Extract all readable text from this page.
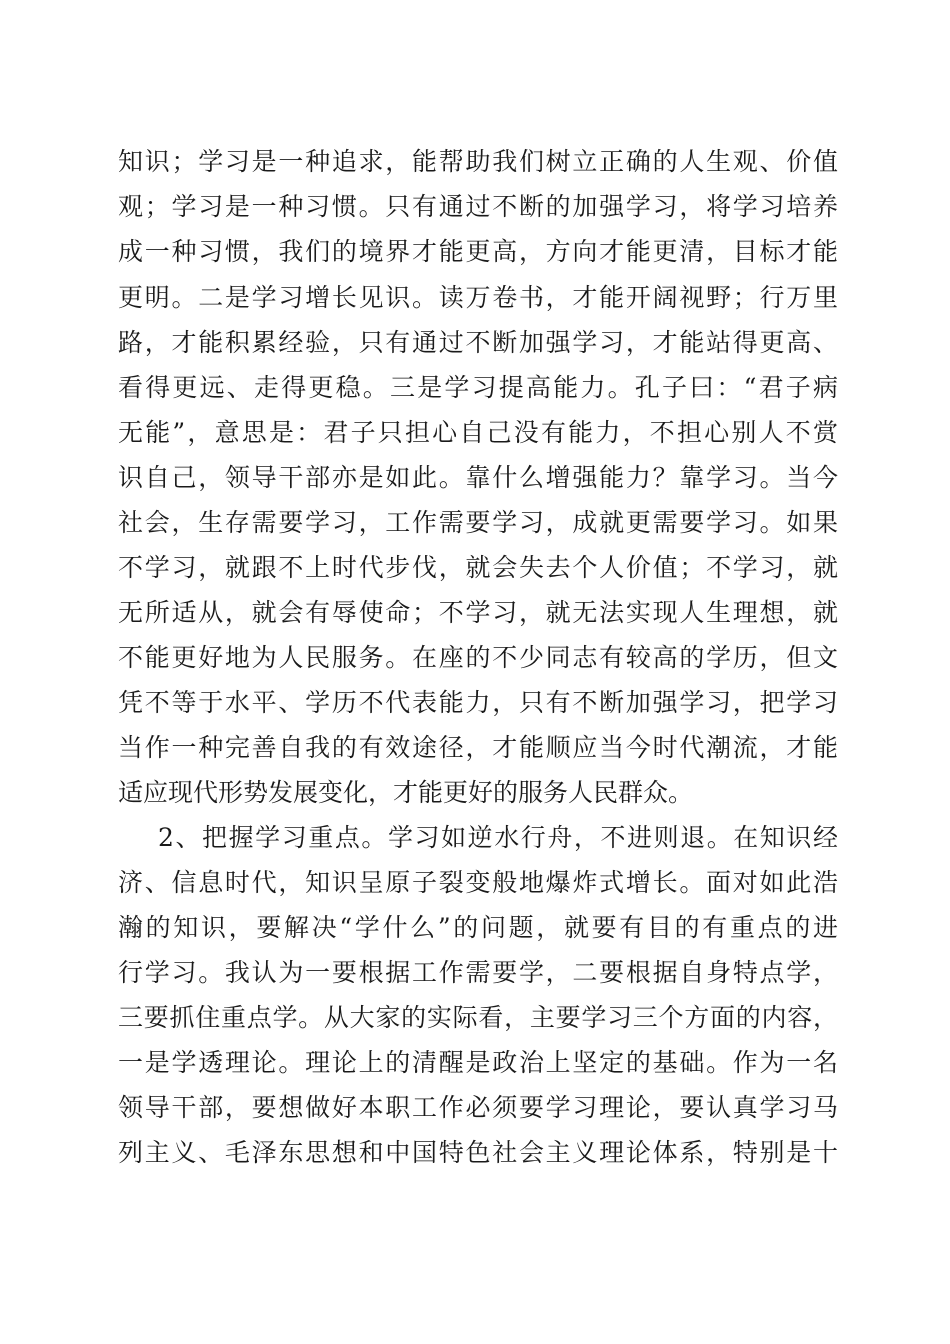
知识；学习是一种追求，能帮助我们树立正确的人生观、价值
观；学习是一种习惯。只有通过不断的加强学习，将学习培养
成一种习惯，我们的境界才能更高，方向才能更清，目标才能
更明。二是学习增长见识。读万卷书，才能开阔视野；行万里
路，才能积累经验，只有通过不断加强学习，才能站得更高、
看得更远、走得更稳。三是学习提高能力。孔子曰：“君子病
无能”，意思是：君子只担心自己没有能力，不担心别人不赏
识自己，领导干部亦是如此。靠什么增强能力？靠学习。当今
社会，生存需要学习，工作需要学习，成就更需要学习。如果
不学习，就跟不上时代步伐，就会失去个人价值；不学习，就
无所适从，就会有辱使命；不学习，就无法实现人生理想，就
不能更好地为人民服务。在座的不少同志有较高的学历，但文
凭不等于水平、学历不代表能力，只有不断加强学习，把学习
当作一种完善自我的有效途径，才能顺应当今时代潮流，才能
适应现代形势发展变化，才能更好的服务人民群众。
2、把握学习重点。学习如逆水行舟，不进则退。在知识经
济、信息时代，知识呈原子裂变般地爆炸式增长。面对如此浩
瀚的知识，要解决“学什么”的问题，就要有目的有重点的进
行学习。我认为一要根据工作需要学，二要根据自身特点学，
三要抓住重点学。从大家的实际看，主要学习三个方面的内容，
一是学透理论。理论上的清醒是政治上坚定的基础。作为一名
领导干部，要想做好本职工作必须要学习理论，要认真学习马
列主义、毛泽东思想和中国特色社会主义理论体系，特别是十
